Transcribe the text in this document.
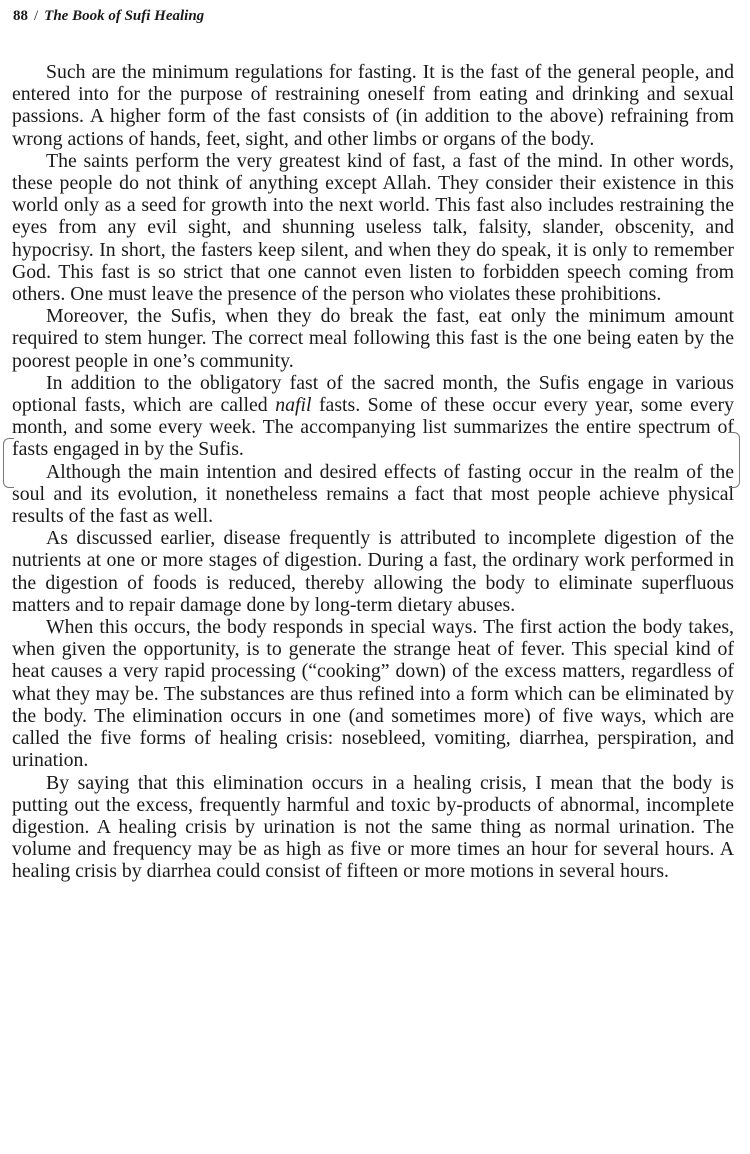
88 / The Book of Sufi Healing

Such are the minimum regulations for fasting. It is the fast of the general people, and entered into for the purpose of restraining oneself from eating and drinking and sexual passions. A higher form of the fast consists of (in addition to the above) refraining from wrong actions of hands, feet, sight, and other limbs or organs of the body.

The saints perform the very greatest kind of fast, a fast of the mind. In other words, these people do not think of anything except Allah. They consider their existence in this world only as a seed for growth into the next world. This fast also includes restraining the eyes from any evil sight, and shunning useless talk, falsity, slander, obscenity, and hypocrisy. In short, the fasters keep silent, and when they do speak, it is only to remember God. This fast is so strict that one cannot even listen to forbidden speech coming from others. One must leave the presence of the person who violates these prohibitions.

Moreover, the Sufis, when they do break the fast, eat only the minimum amount required to stem hunger. The correct meal following this fast is the one being eaten by the poorest people in one’s community.

In addition to the obligatory fast of the sacred month, the Sufis engage in various optional fasts, which are called nafil fasts. Some of these occur every year, some every month, and some every week. The accompanying list summarizes the entire spectrum of fasts engaged in by the Sufis.

Although the main intention and desired effects of fasting occur in the realm of the soul and its evolution, it nonetheless remains a fact that most people achieve physical results of the fast as well.

As discussed earlier, disease frequently is attributed to incomplete digestion of the nutrients at one or more stages of digestion. During a fast, the ordinary work performed in the digestion of foods is reduced, thereby allowing the body to eliminate superfluous matters and to repair damage done by long-term dietary abuses.

When this occurs, the body responds in special ways. The first action the body takes, when given the opportunity, is to generate the strange heat of fever. This special kind of heat causes a very rapid processing (“cooking” down) of the excess matters, regardless of what they may be. The substances are thus refined into a form which can be eliminated by the body. The elimination occurs in one (and sometimes more) of five ways, which are called the five forms of healing crisis: nosebleed, vomiting, diarrhea, perspiration, and urination.

By saying that this elimination occurs in a healing crisis, I mean that the body is putting out the excess, frequently harmful and toxic by-products of abnormal, incomplete digestion. A healing crisis by urination is not the same thing as normal urination. The volume and frequency may be as high as five or more times an hour for several hours. A healing crisis by diarrhea could consist of fifteen or more motions in several hours.
